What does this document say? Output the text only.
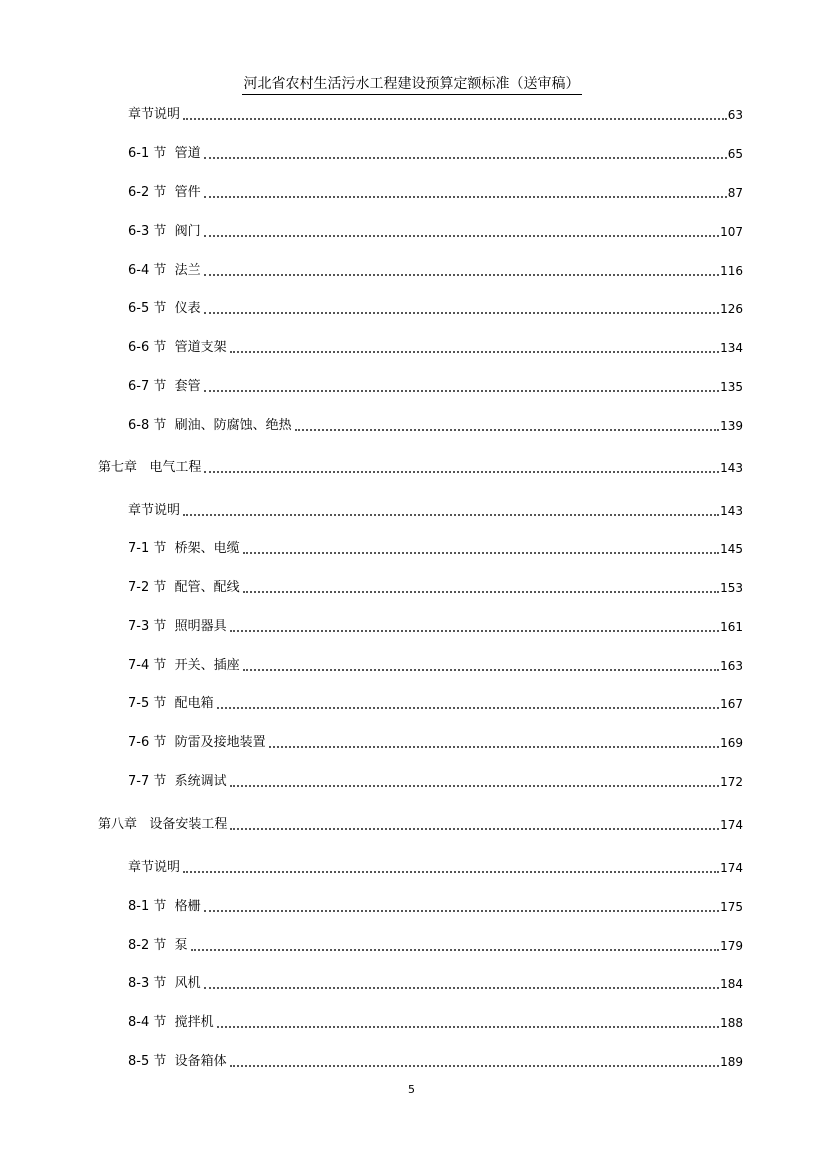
河北省农村生活污水工程建设预算定额标准（送审稿）
章节说明	63
6-1 节  管道	65
6-2 节  管件	87
6-3 节  阀门	107
6-4 节  法兰	116
6-5 节  仪表	126
6-6 节  管道支架	134
6-7 节  套管	135
6-8 节  刷油、防腐蚀、绝热	139
第七章   电气工程	143
章节说明	143
7-1 节  桥架、电缆	145
7-2 节  配管、配线	153
7-3 节  照明器具	161
7-4 节  开关、插座	163
7-5 节  配电箱	167
7-6 节  防雷及接地装置	169
7-7 节  系统调试	172
第八章   设备安装工程	174
章节说明	174
8-1 节  格栅	175
8-2 节  泵	179
8-3 节  风机	184
8-4 节  搅拌机	188
8-5 节  设备箱体	189
5
